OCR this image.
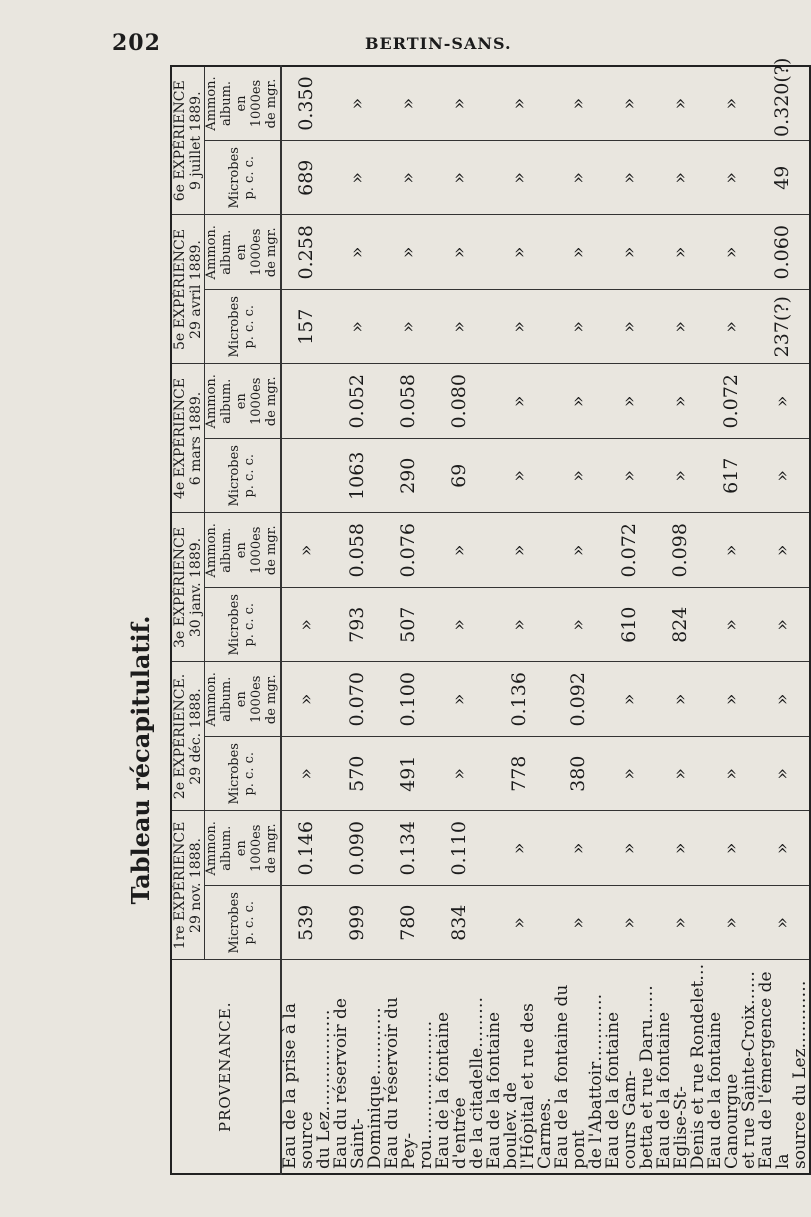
202	BERTIN-SANS.
Tableau récapitulatif.
PROVENANCE.	1re EXPÉRIENCE
29 nov. 1888.		2e EXPÉRIENCE.
29 déc. 1888.		3e EXPÉRIENCE
30 janv. 1889.		4e EXPÉRIENCE
6 mars 1889.		5e EXPÉRIENCE
29 avril 1889.		6e EXPÉRIENCE
9 juillet 1889.	
	Microbes
p. c. c.	Ammon.
album.
en 1000es
de mgr.	Microbes
p. c. c.	Ammon.
album.
en 1000es
de mgr.	Microbes
p. c. c.	Ammon.
album.
en 1000es
de mgr.	Microbes
p. c. c.	Ammon.
album.
en 1000es
de mgr.	Microbes
p. c. c.	Ammon.
album.
en 1000es
de mgr.	Microbes
p. c. c.	Ammon.
album.
en 1000es
de mgr.
Eau de la prise à la source
du Lez………………	539	0.146	»	»	»	»			157	0.258	689	0.350
Eau du réservoir de Saint-
Dominique…………	999	0.090	570	0.070	793	0.058	1063	0.052	»	»	»	»
Eau du réservoir du Pey-
rou…………………	780	0.134	491	0.100	507	0.076	290	0.058	»	»	»	»
Eau de la fontaine d'entrée
de la citadelle………	834	0.110	»	»	»	»	69	0.080	»	»	»	»
Eau de la fontaine boulev. de
l'Hôpital et rue des Carmes.	»	»	778	0.136	»	»	»	»	»	»	»	»
Eau de la fontaine du pont
de l'Abattoir…………	»	»	380	0.092	»	»	»	»	»	»	»	»
Eau de la fontaine cours Gam-
betta et rue Daru……	»	»	»	»	610	0.072	»	»	»	»	»	»
Eau de la fontaine Eglise-St-
Denis et rue Rondelet…	»	»	»	»	824	0.098	»	»	»	»	»	»
Eau de la fontaine Canourgue
et rue Sainte-Croix……	»	»	»	»	»	»	617	0.072	»	»	»	»
Eau de l'émergence de la
source du Lez…………	»	»	»	»	»	»	»	»	237(?)	0.060	49	0.320(?)
